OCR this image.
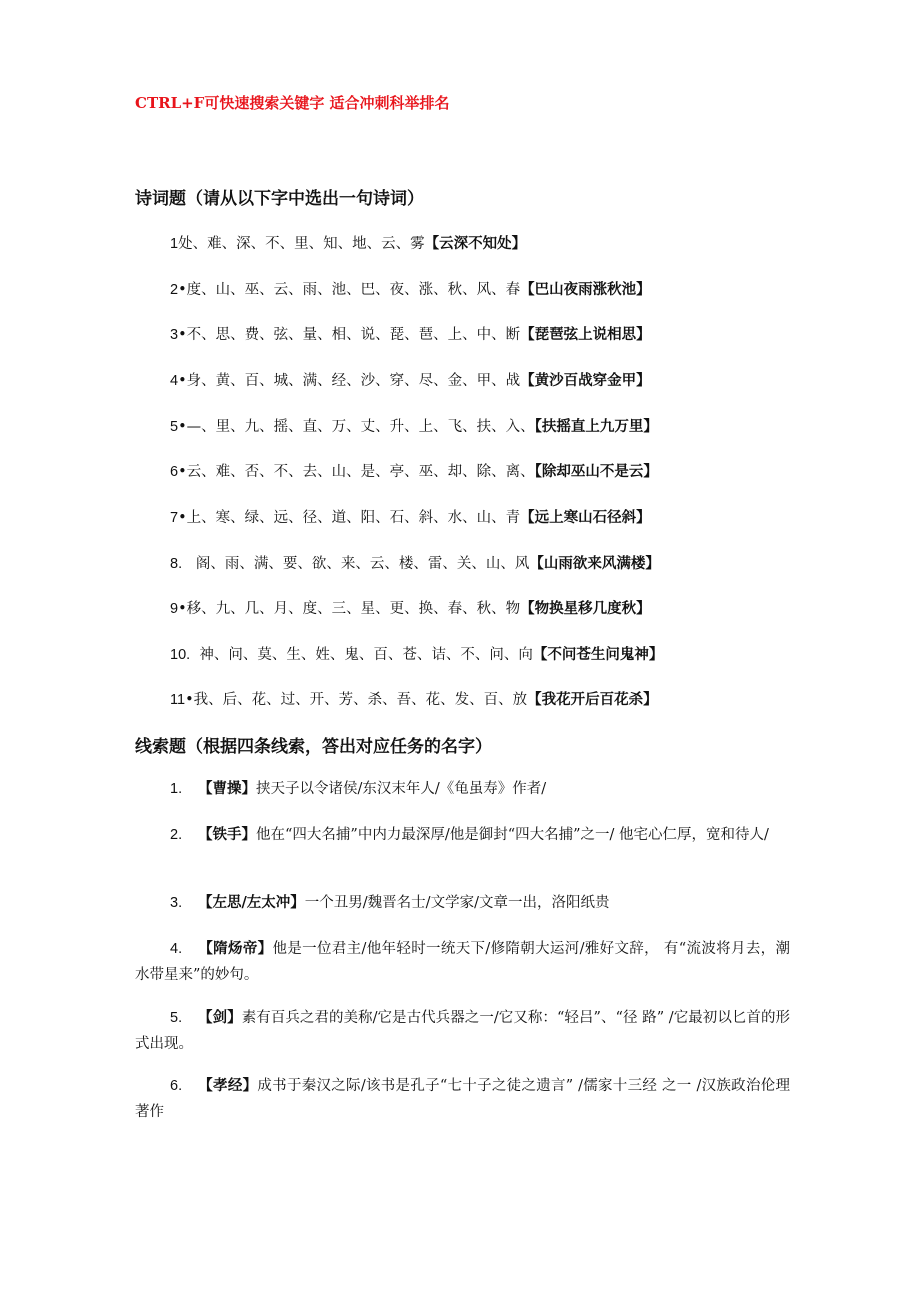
CTRL+F可快速搜索关键字 适合冲刺科举排名
诗词题（请从以下字中选出一句诗词）
1处、难、深、不、里、知、地、云、雾【云深不知处】
2•度、山、巫、云、雨、池、巴、夜、涨、秋、风、春【巴山夜雨涨秋池】
3•不、思、费、弦、量、相、说、琵、琶、上、中、断【琵琶弦上说相思】
4•身、黄、百、城、满、经、沙、穿、尽、金、甲、战【黄沙百战穿金甲】
5•—、里、九、摇、直、万、丈、升、上、飞、扶、入、【扶摇直上九万里】
6•云、难、否、不、去、山、是、亭、巫、却、除、离、【除却巫山不是云】
7•上、寒、绿、远、径、道、阳、石、斜、水、山、青【远上寒山石径斜】
8. 阁、雨、满、要、欲、来、云、楼、雷、关、山、风【山雨欲来风满楼】
9•移、九、几、月、度、三、星、更、换、春、秋、物【物换星移几度秋】
10. 神、问、莫、生、姓、鬼、百、苍、诘、不、问、向【不问苍生问鬼神】
11•我、后、花、过、开、芳、杀、吾、花、发、百、放【我花开后百花杀】
线索题（根据四条线索，答出对应任务的名字）
1. 【曹操】挟天子以令诸侯/东汉末年人/《龟虽寿》作者/
2. 【铁手】他在“四大名捕”中内力最深厚/他是御封“四大名捕”之一/ 他宅心仁厚，宽和待人/
3. 【左思/左太冲】一个丑男/魏晋名士/文学家/文章一出，洛阳纸贵
4. 【隋炀帝】他是一位君主/他年轻时一统天下/修隋朝大运河/雅好文辞， 有“流波将月去，潮水带星来”的妙句。
5. 【剑】素有百兵之君的美称/它是古代兵器之一/它又称：“轻吕”、“径 路” /它最初以匕首的形式出现。
6. 【孝经】成书于秦汉之际/该书是孔子“七十子之徒之遗言” /儒家十三经 之一 /汉族政治伦理著作
